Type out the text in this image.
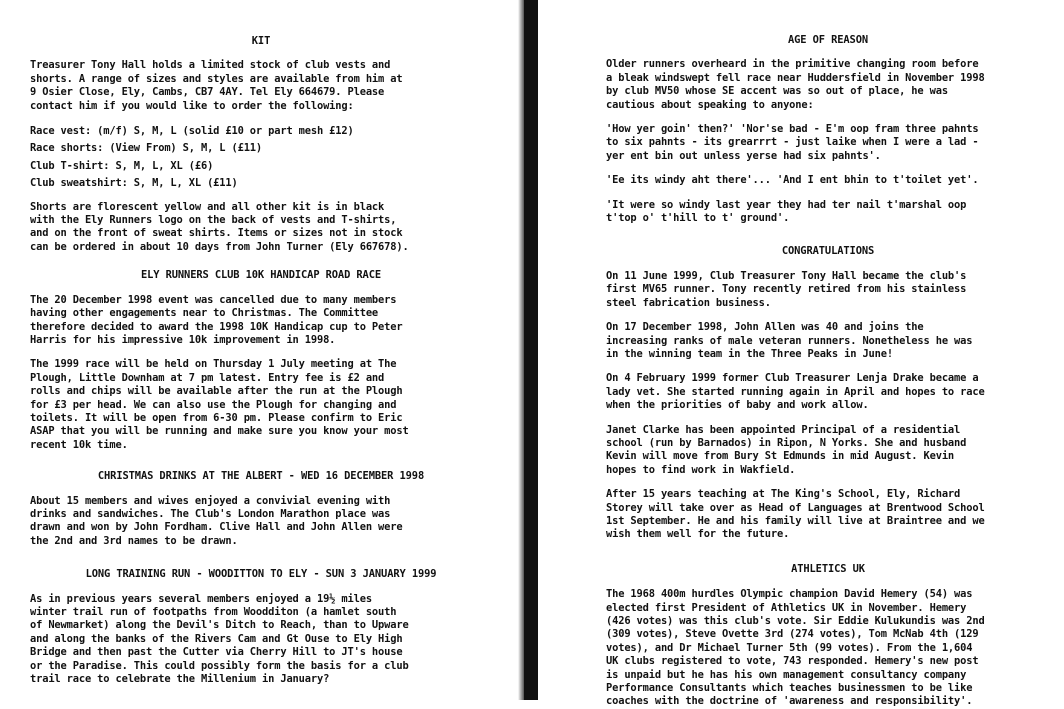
KIT

Treasurer Tony Hall holds a limited stock of club vests and
shorts. A range of sizes and styles are available from him at
9 Osier Close, Ely, Cambs, CB7 4AY. Tel Ely 664679. Please
contact him if you would like to order the following:

Race vest: (m/f) S, M, L (solid £10 or part mesh £12)

Race shorts: (View From) S, M, L (£11)

Club T-shirt: S, M, L, XL (£6)

Club sweatshirt: S, M, L, XL (£11)

Shorts are florescent yellow and all other kit is in black
with the Ely Runners logo on the back of vests and T-shirts,
and on the front of sweat shirts. Items or sizes not in stock
can be ordered in about 10 days from John Turner (Ely 667678).

ELY RUNNERS CLUB 10K HANDICAP ROAD RACE

The 20 December 1998 event was cancelled due to many members
having other engagements near to Christmas. The Committee
therefore decided to award the 1998 10K Handicap cup to Peter
Harris for his impressive 10k improvement in 1998.

The 1999 race will be held on Thursday 1 July meeting at The
Plough, Little Downham at 7 pm latest. Entry fee is £2 and
rolls and chips will be available after the run at the Plough
for £3 per head. We can also use the Plough for changing and
toilets. It will be open from 6-30 pm. Please confirm to Eric
ASAP that you will be running and make sure you know your most
recent 10k time.

CHRISTMAS DRINKS AT THE ALBERT - WED 16 DECEMBER 1998

About 15 members and wives enjoyed a convivial evening with
drinks and sandwiches. The Club's London Marathon place was
drawn and won by John Fordham. Clive Hall and John Allen were
the 2nd and 3rd names to be drawn.

LONG TRAINING RUN - WOODITTON TO ELY - SUN 3 JANUARY 1999

As in previous years several members enjoyed a 19½ miles
winter trail run of footpaths from Woodditon (a hamlet south
of Newmarket) along the Devil's Ditch to Reach, than to Upware
and along the banks of the Rivers Cam and Gt Ouse to Ely High
Bridge and then past the Cutter via Cherry Hill to JT's house
or the Paradise. This could possibly form the basis for a club
trail race to celebrate the Millenium in January?

AGE OF REASON

Older runners overheard in the primitive changing room before
a bleak windswept fell race near Huddersfield in November 1998
by club MV50 whose SE accent was so out of place, he was
cautious about speaking to anyone:

'How yer goin' then?' 'Nor'se bad - E'm oop fram three pahnts
to six pahnts - its grearrrt - just laike when I were a lad -
yer ent bin out unless yerse had six pahnts'.

'Ee its windy aht there'... 'And I ent bhin to t'toilet yet'.

'It were so windy last year they had ter nail t'marshal oop
t'top o' t'hill to t' ground'.

CONGRATULATIONS

On 11 June 1999, Club Treasurer Tony Hall became the club's
first MV65 runner. Tony recently retired from his stainless
steel fabrication business.

On 17 December 1998, John Allen was 40 and joins the
increasing ranks of male veteran runners. Nonetheless he was
in the winning team in the Three Peaks in June!

On 4 February 1999 former Club Treasurer Lenja Drake became a
lady vet. She started running again in April and hopes to race
when the priorities of baby and work allow.

Janet Clarke has been appointed Principal of a residential
school (run by Barnados) in Ripon, N Yorks. She and husband
Kevin will move from Bury St Edmunds in mid August. Kevin
hopes to find work in Wakfield.

After 15 years teaching at The King's School, Ely, Richard
Storey will take over as Head of Languages at Brentwood School
1st September. He and his family will live at Braintree and we
wish them well for the future.

ATHLETICS UK

The 1968 400m hurdles Olympic champion David Hemery (54) was
elected first President of Athletics UK in November. Hemery
(426 votes) was this club's vote. Sir Eddie Kulukundis was 2nd
(309 votes), Steve Ovette 3rd (274 votes), Tom McNab 4th (129
votes), and Dr Michael Turner 5th (99 votes). From the 1,604
UK clubs registered to vote, 743 responded. Hemery's new post
is unpaid but he has his own management consultancy company
Performance Consultants which teaches businessmen to be like
coaches with the doctrine of 'awareness and responsibility'.
